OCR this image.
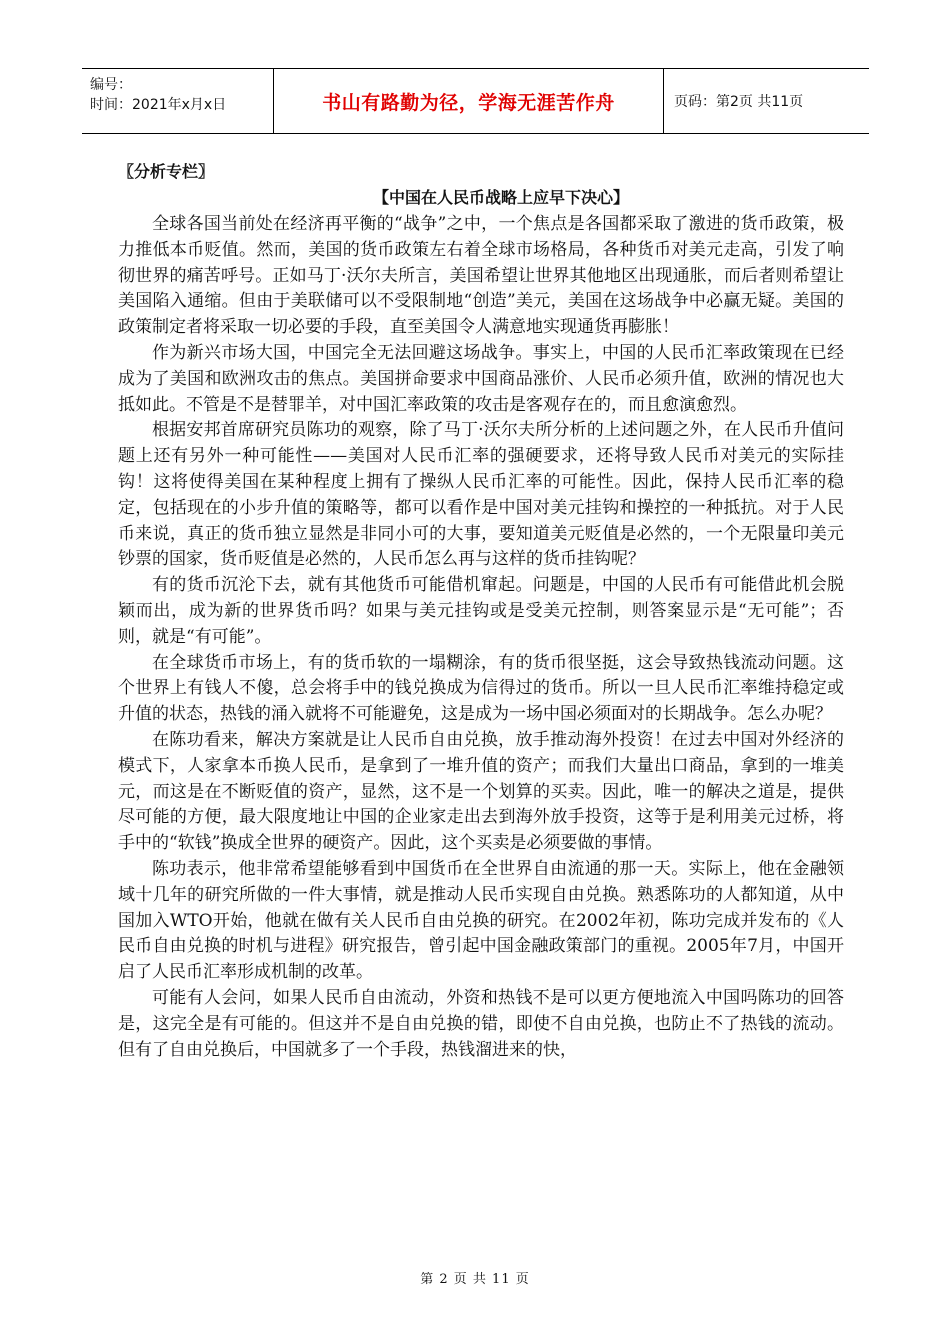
编号：
时间：2021年x月x日	书山有路勤为径，学海无涯苦作舟	页码：第2页 共11页

〖分析专栏〗

【中国在人民币战略上应早下决心】

全球各国当前处在经济再平衡的“战争”之中，一个焦点是各国都采取了激进的货币政策，极力推低本币贬值。然而，美国的货币政策左右着全球市场格局，各种货币对美元走高，引发了响彻世界的痛苦呼号。正如马丁·沃尔夫所言，美国希望让世界其他地区出现通胀，而后者则希望让美国陷入通缩。但由于美联储可以不受限制地“创造”美元，美国在这场战争中必赢无疑。美国的政策制定者将采取一切必要的手段，直至美国令人满意地实现通货再膨胀！

作为新兴市场大国，中国完全无法回避这场战争。事实上，中国的人民币汇率政策现在已经成为了美国和欧洲攻击的焦点。美国拼命要求中国商品涨价、人民币必须升值，欧洲的情况也大抵如此。不管是不是替罪羊，对中国汇率政策的攻击是客观存在的，而且愈演愈烈。

根据安邦首席研究员陈功的观察，除了马丁·沃尔夫所分析的上述问题之外，在人民币升值问题上还有另外一种可能性——美国对人民币汇率的强硬要求，还将导致人民币对美元的实际挂钩！这将使得美国在某种程度上拥有了操纵人民币汇率的可能性。因此，保持人民币汇率的稳定，包括现在的小步升值的策略等，都可以看作是中国对美元挂钩和操控的一种抵抗。对于人民币来说，真正的货币独立显然是非同小可的大事，要知道美元贬值是必然的，一个无限量印美元钞票的国家，货币贬值是必然的，人民币怎么再与这样的货币挂钩呢？

有的货币沉沦下去，就有其他货币可能借机窜起。问题是，中国的人民币有可能借此机会脱颖而出，成为新的世界货币吗？如果与美元挂钩或是受美元控制，则答案显示是“无可能”；否则，就是“有可能”。

在全球货币市场上，有的货币软的一塌糊涂，有的货币很坚挺，这会导致热钱流动问题。这个世界上有钱人不傻，总会将手中的钱兑换成为信得过的货币。所以一旦人民币汇率维持稳定或升值的状态，热钱的涌入就将不可能避免，这是成为一场中国必须面对的长期战争。怎么办呢？

在陈功看来，解决方案就是让人民币自由兑换，放手推动海外投资！在过去中国对外经济的模式下，人家拿本币换人民币，是拿到了一堆升值的资产；而我们大量出口商品，拿到的一堆美元，而这是在不断贬值的资产，显然，这不是一个划算的买卖。因此，唯一的解决之道是，提供尽可能的方便，最大限度地让中国的企业家走出去到海外放手投资，这等于是利用美元过桥，将手中的“软钱”换成全世界的硬资产。因此，这个买卖是必须要做的事情。

陈功表示，他非常希望能够看到中国货币在全世界自由流通的那一天。实际上，他在金融领域十几年的研究所做的一件大事情，就是推动人民币实现自由兑换。熟悉陈功的人都知道，从中国加入WTO开始，他就在做有关人民币自由兑换的研究。在2002年初，陈功完成并发布的《人民币自由兑换的时机与进程》研究报告，曾引起中国金融政策部门的重视。2005年7月，中国开启了人民币汇率形成机制的改革。

可能有人会问，如果人民币自由流动，外资和热钱不是可以更方便地流入中国吗陈功的回答是，这完全是有可能的。但这并不是自由兑换的错，即使不自由兑换，也防止不了热钱的流动。但有了自由兑换后，中国就多了一个手段，热钱溜进来的快，

第 2 页 共 11 页
